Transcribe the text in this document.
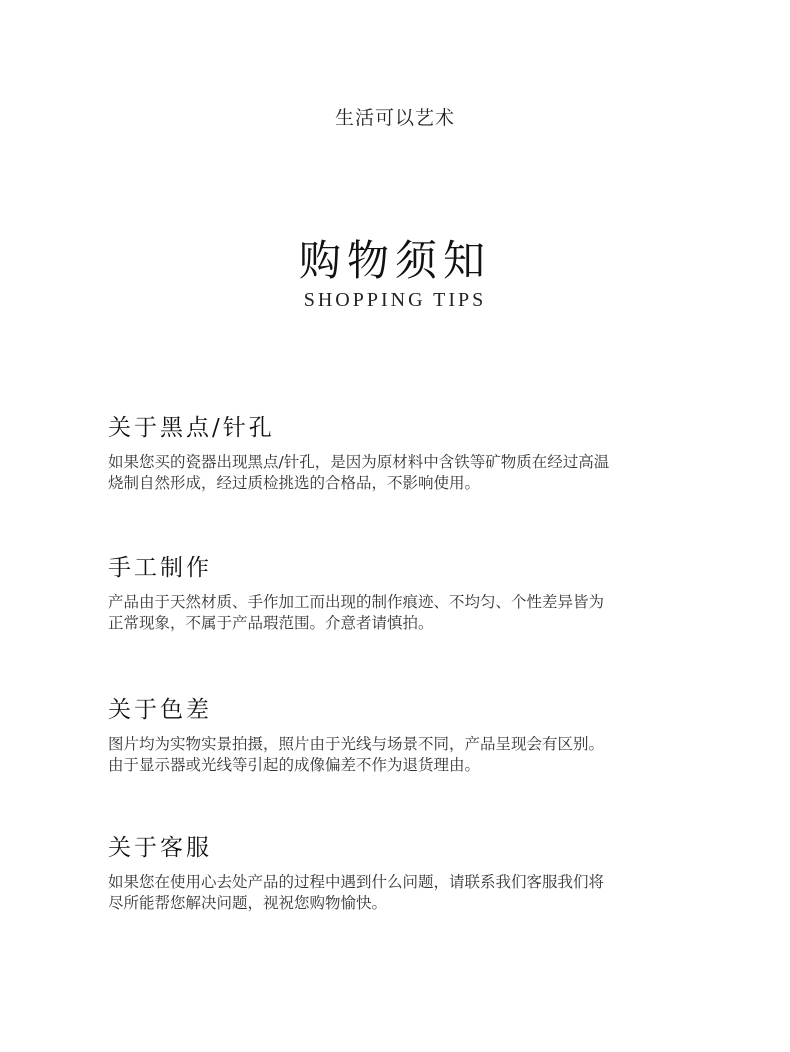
生活可以艺术
购物须知
SHOPPING TIPS
关于黑点/针孔

如果您买的瓷器出现黑点/针孔，是因为原材料中含铁等矿物质在经过高温
烧制自然形成，经过质检挑选的合格品，不影响使用。

手工制作

产品由于天然材质、手作加工而出现的制作痕迹、不均匀、个性差异皆为
正常现象，不属于产品瑕范围。介意者请慎拍。

关于色差

图片均为实物实景拍摄，照片由于光线与场景不同，产品呈现会有区别。
由于显示器或光线等引起的成像偏差不作为退货理由。

关于客服

如果您在使用心去处产品的过程中遇到什么问题，请联系我们客服我们将
尽所能帮您解决问题，视祝您购物愉快。
